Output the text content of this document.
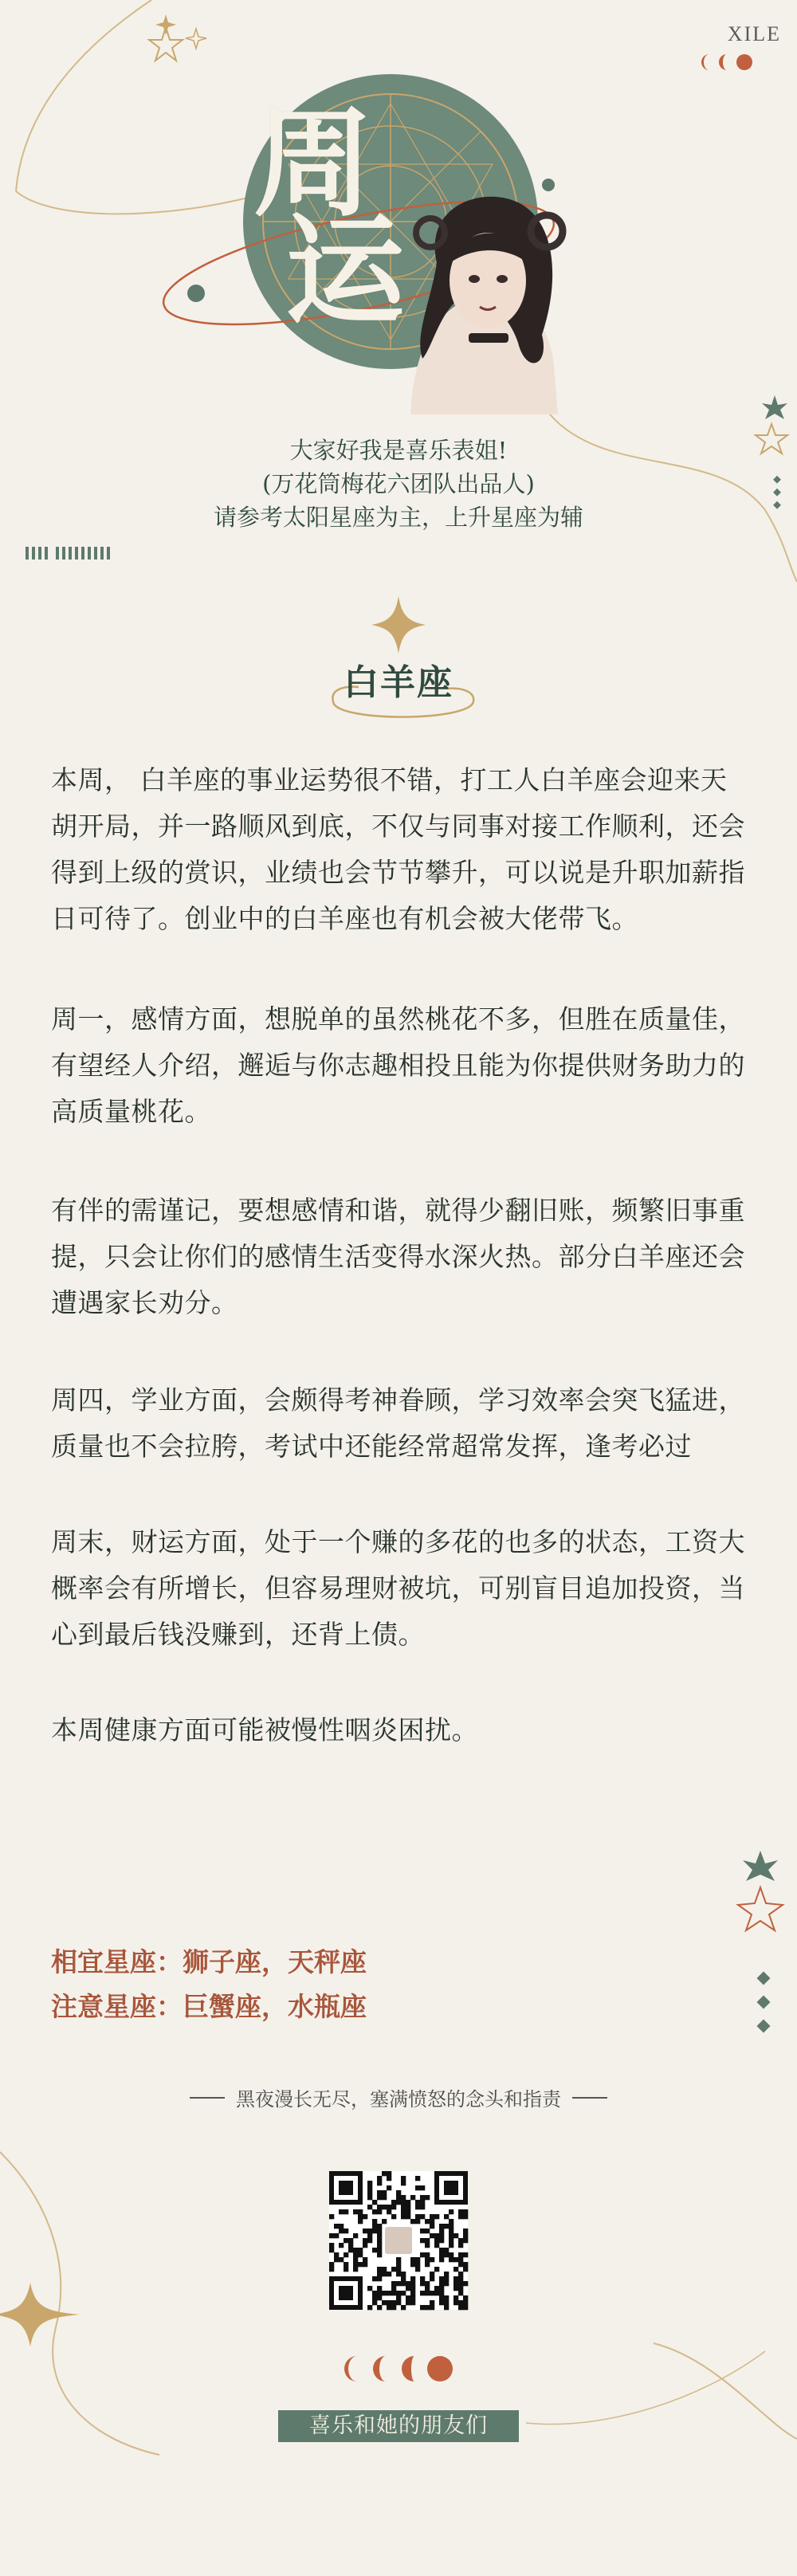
XILE
周
运
大家好我是喜乐表姐!
(万花筒梅花六团队出品人)
请参考太阳星座为主，上升星座为辅
白羊座

本周， 白羊座的事业运势很不错，打工人白羊座会迎来天胡开局，并一路顺风到底，不仅与同事对接工作顺利，还会得到上级的赏识，业绩也会节节攀升，可以说是升职加薪指日可待了。创业中的白羊座也有机会被大佬带飞。

周一，感情方面，想脱单的虽然桃花不多，但胜在质量佳，有望经人介绍，邂逅与你志趣相投且能为你提供财务助力的高质量桃花。

有伴的需谨记，要想感情和谐，就得少翻旧账，频繁旧事重提，只会让你们的感情生活变得水深火热。部分白羊座还会遭遇家长劝分。

周四，学业方面，会颇得考神眷顾，学习效率会突飞猛进，质量也不会拉胯，考试中还能经常超常发挥，逢考必过

周末，财运方面，处于一个赚的多花的也多的状态，工资大概率会有所增长，但容易理财被坑，可别盲目追加投资，当心到最后钱没赚到，还背上债。

本周健康方面可能被慢性咽炎困扰。

相宜星座：狮子座，天秤座
注意星座：巨蟹座，水瓶座
黑夜漫长无尽，塞满愤怒的念头和指责
喜乐和她的朋友们
